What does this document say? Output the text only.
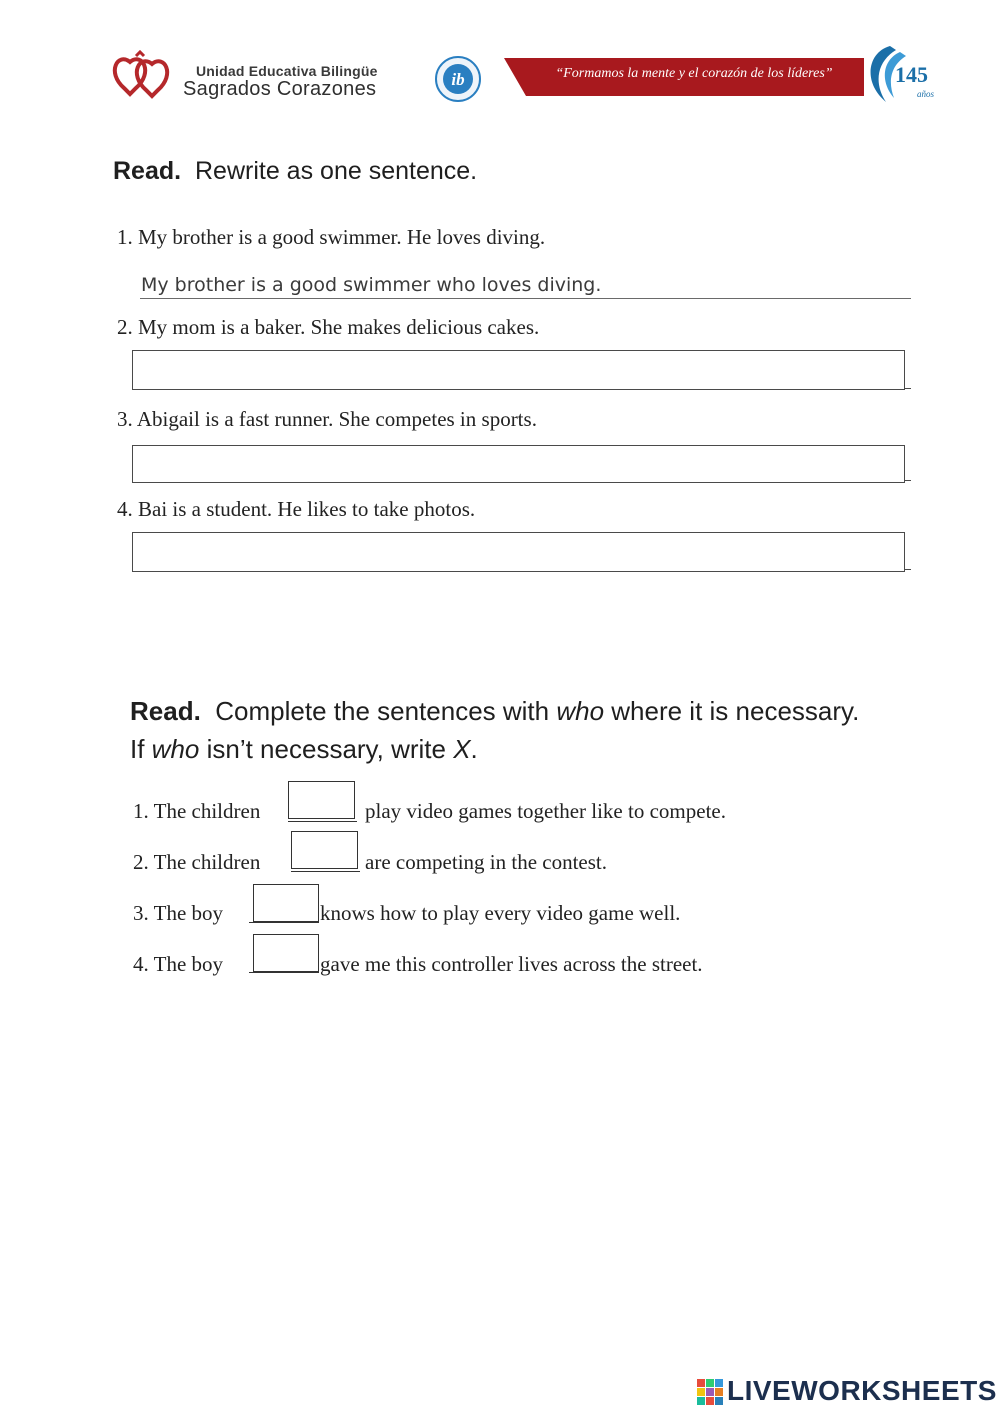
Unidad Educativa Bilingüe
Sagrados Corazones	ib	“Formamos la mente y el corazón de los líderes”	145
años
Read. Rewrite as one sentence.
1. My brother is a good swimmer. He loves diving.
My brother is a good swimmer who loves diving.
2. My mom is a baker. She makes delicious cakes.
3. Abigail is a fast runner. She competes in sports.
4. Bai is a student. He likes to take photos.
Read. Complete the sentences with who where it is necessary.
If who isn’t necessary, write X.
1. The children	play video games together like to compete.
2. The children	are competing in the contest.
3. The boy	knows how to play every video game well.
4. The boy	gave me this controller lives across the street.
LIVEWORKSHEETS
